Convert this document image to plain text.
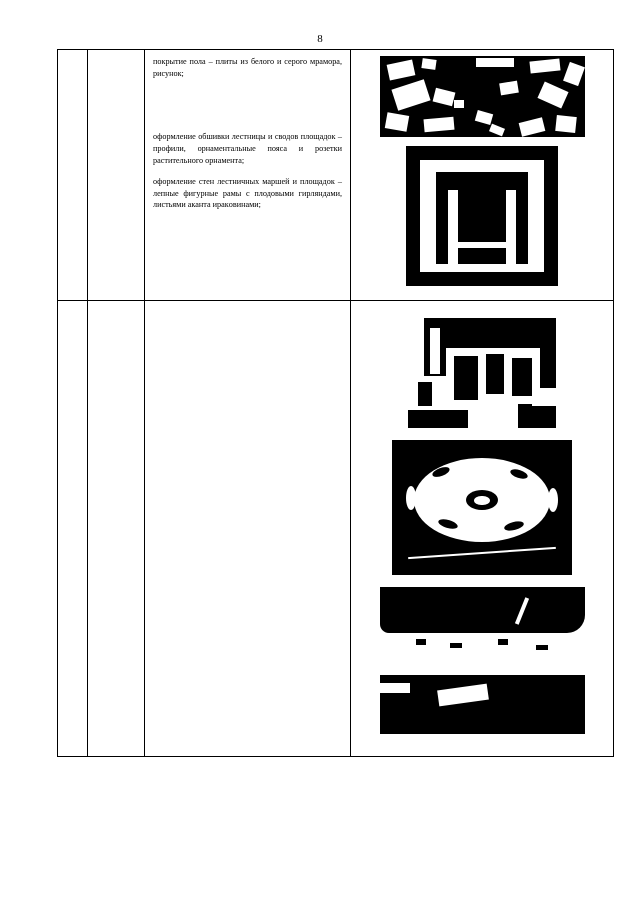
8

		покрытие пола – плиты из белого и серого мрамора, рисунок;

оформление обшивки лестницы и сводов площадок – профили, орнаментальные пояса и розетки растительного орнамента;

оформление стен лестничных маршей и площадок – лепные фигурные рамы с плодовыми гирляндами, листьями аканта иракoвинами;	
